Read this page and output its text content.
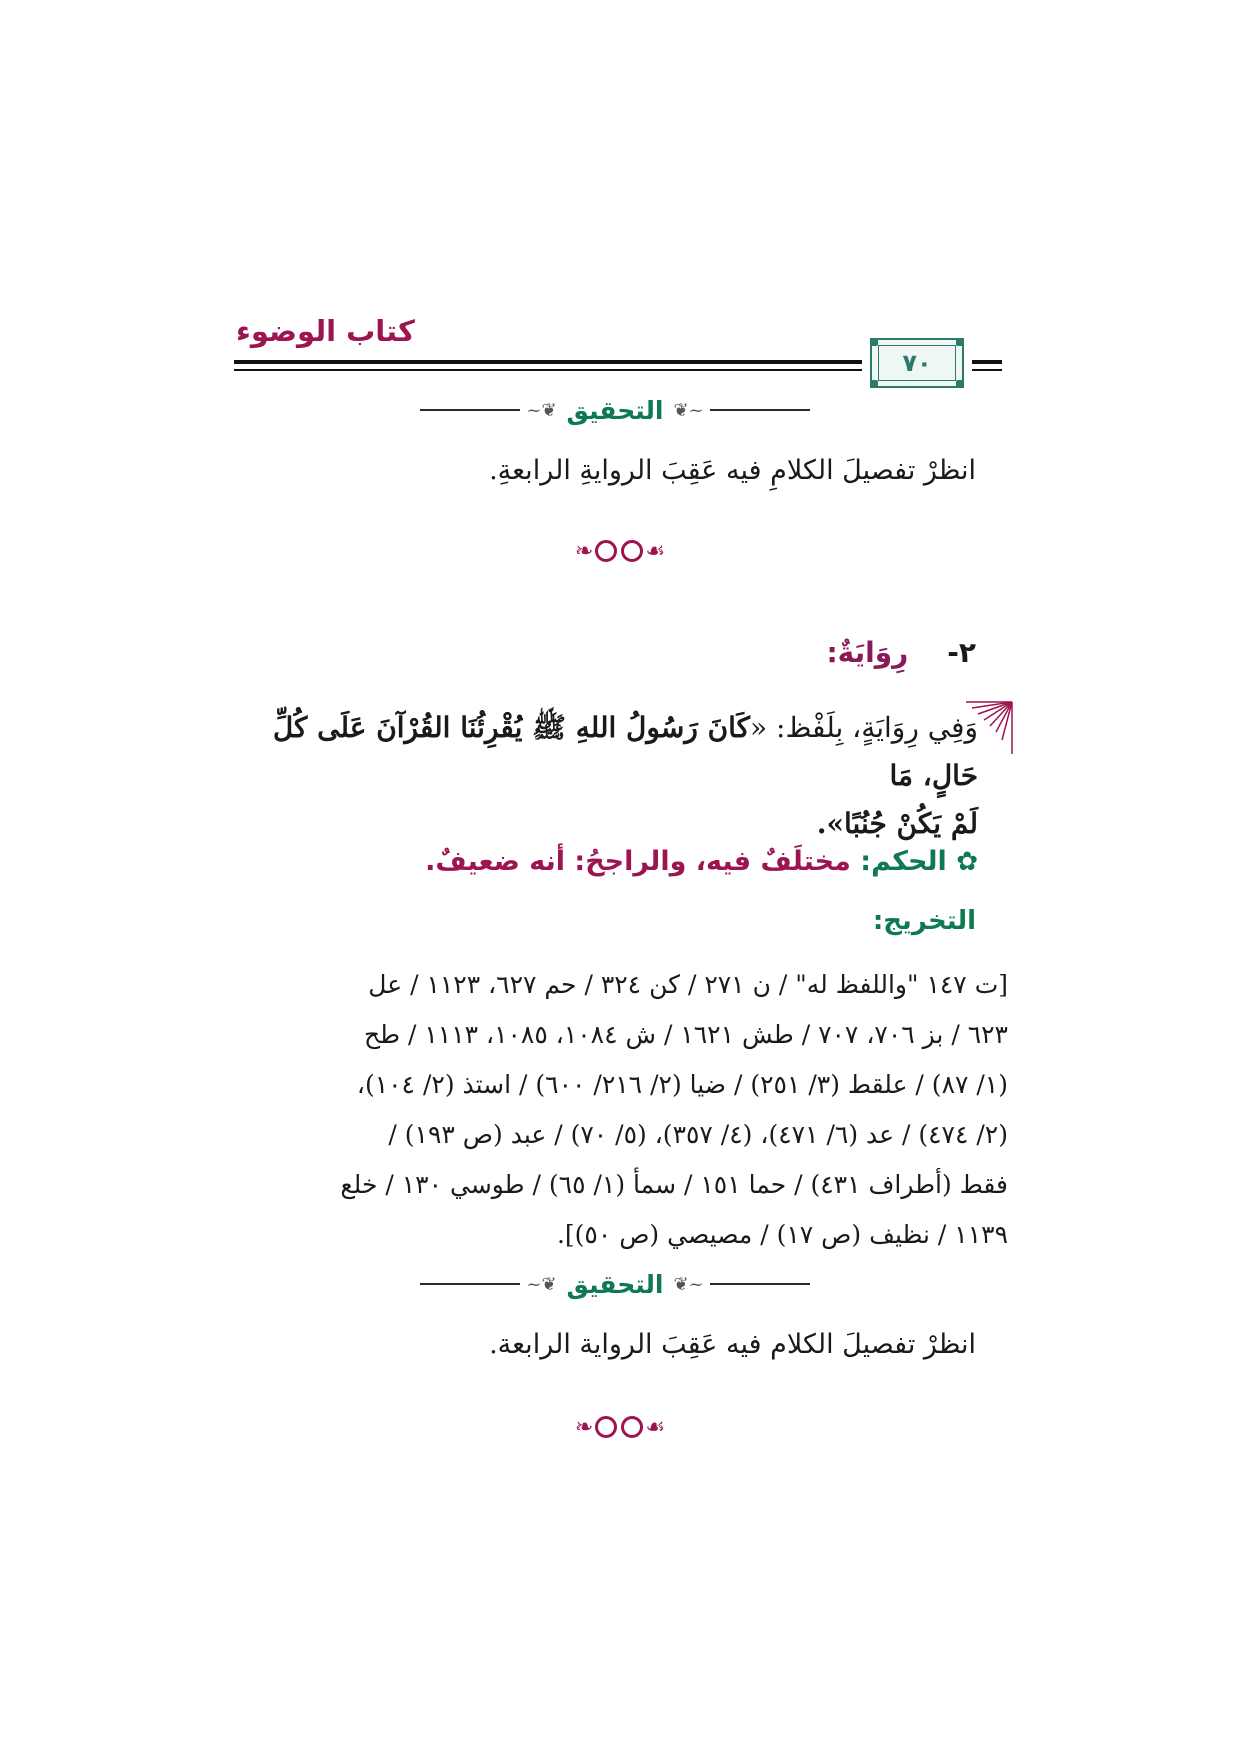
كتاب الوضوء
٧٠
~❦
التحقيق
❦~
انظرْ تفصيلَ الكلامِ فيه عَقِبَ الروايةِ الرابعةِ.
❧ ☙
٢-    رِوَايَةٌ:
وَفِي رِوَايَةٍ، بِلَفْظ: «كَانَ رَسُولُ اللهِ ﷺ يُقْرِئُنَا القُرْآنَ عَلَى كُلِّ حَالٍ، مَا
لَمْ يَكُنْ جُنُبًا».
✿ الحكم: مختلَفٌ فيه، والراجحُ: أنه ضعيفٌ.
التخريج:
[ت ١٤٧ "واللفظ له" / ن ٢٧١ / كن ٣٢٤ / حم ٦٢٧، ١١٢٣ / عل
٦٢٣ / بز ٧٠٦، ٧٠٧ / طش ١٦٢١ / ش ١٠٨٤، ١٠٨٥، ١١١٣ / طح
(١/ ٨٧) / علقط (٣/ ٢٥١) / ضيا (٢/ ٢١٦/ ٦٠٠) / استذ (٢/ ١٠٤)،
(٢/ ٤٧٤) / عد (٦/ ٤٧١)، (٤/ ٣٥٧)، (٥/ ٧٠) / عبد (ص ١٩٣) /
فقط (أطراف ٤٣١) / حما ١٥١ / سمأ (١/ ٦٥) / طوسي ١٣٠ / خلع
١١٣٩ / نظيف (ص ١٧) / مصيصي (ص ٥٠)].
~❦
التحقيق
❦~
انظرْ تفصيلَ الكلام فيه عَقِبَ الرواية الرابعة.
❧ ☙
